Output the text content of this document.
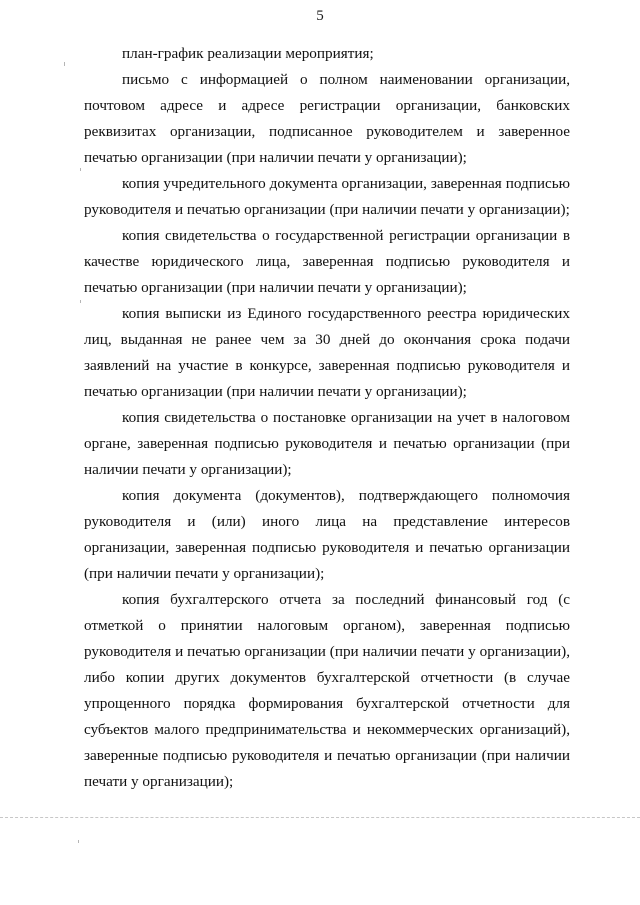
5

план-график реализации мероприятия;

письмо с информацией о полном наименовании организации, почтовом адресе и адресе регистрации организации, банковских реквизитах организации, подписанное руководителем и заверенное печатью организации (при наличии печати у организации);

копия учредительного документа организации, заверенная подписью руководителя и печатью организации (при наличии печати у организации);

копия свидетельства о государственной регистрации организации в качестве юридического лица, заверенная подписью руководителя и печатью организации (при наличии печати у организации);

копия выписки из Единого государственного реестра юридических лиц, выданная не ранее чем за 30 дней до окончания срока подачи заявлений на участие в конкурсе, заверенная подписью руководителя и печатью организации (при наличии печати у организации);

копия свидетельства о постановке организации на учет в налоговом органе, заверенная подписью руководителя и печатью организации (при наличии печати у организации);

копия документа (документов), подтверждающего полномочия руководителя и (или) иного лица на представление интересов организации, заверенная подписью руководителя и печатью организации (при наличии печати у организации);

копия бухгалтерского отчета за последний финансовый год (с отметкой о принятии налоговым органом), заверенная подписью руководителя и печатью организации (при наличии печати у организации), либо копии других документов бухгалтерской отчетности (в случае упрощенного порядка формирования бухгалтерской отчетности для субъектов малого предпринимательства и некоммерческих организаций), заверенные подписью руководителя и печатью организации (при наличии печати у организации);
